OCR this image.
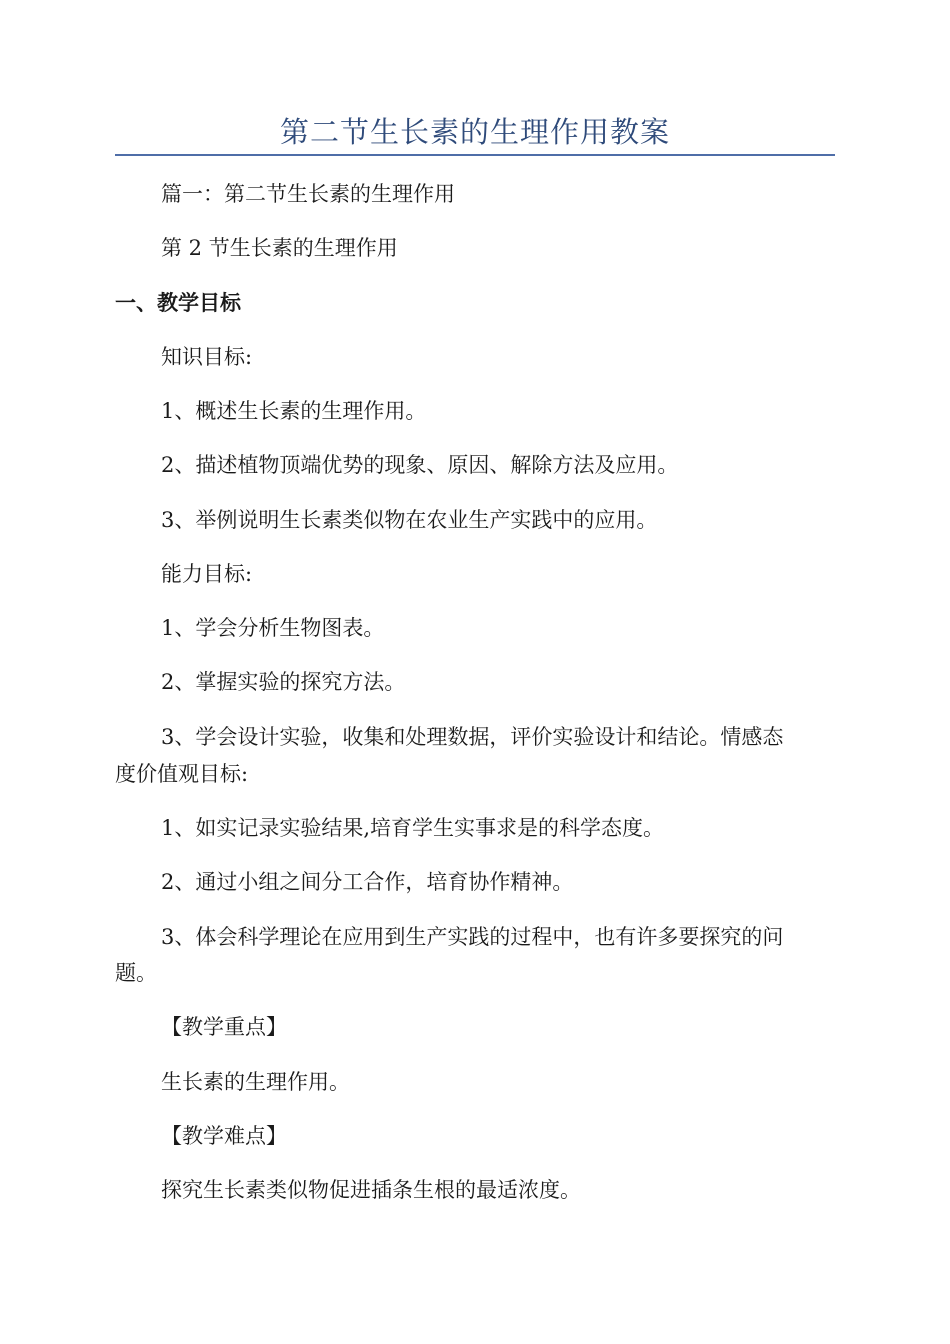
第二节生长素的生理作用教案
篇一：第二节生长素的生理作用
第 2 节生长素的生理作用
一、教学目标
知识目标:
1、概述生长素的生理作用。
2、描述植物顶端优势的现象、原因、解除方法及应用。
3、举例说明生长素类似物在农业生产实践中的应用。
能力目标:
1、学会分析生物图表。
2、掌握实验的探究方法。
3、学会设计实验，收集和处理数据，评价实验设计和结论。情感态
度价值观目标:
1、如实记录实验结果,培育学生实事求是的科学态度。
2、通过小组之间分工合作，培育协作精神。
3、体会科学理论在应用到生产实践的过程中，也有许多要探究的问
题。
【教学重点】
生长素的生理作用。
【教学难点】
探究生长素类似物促进插条生根的最适浓度。
